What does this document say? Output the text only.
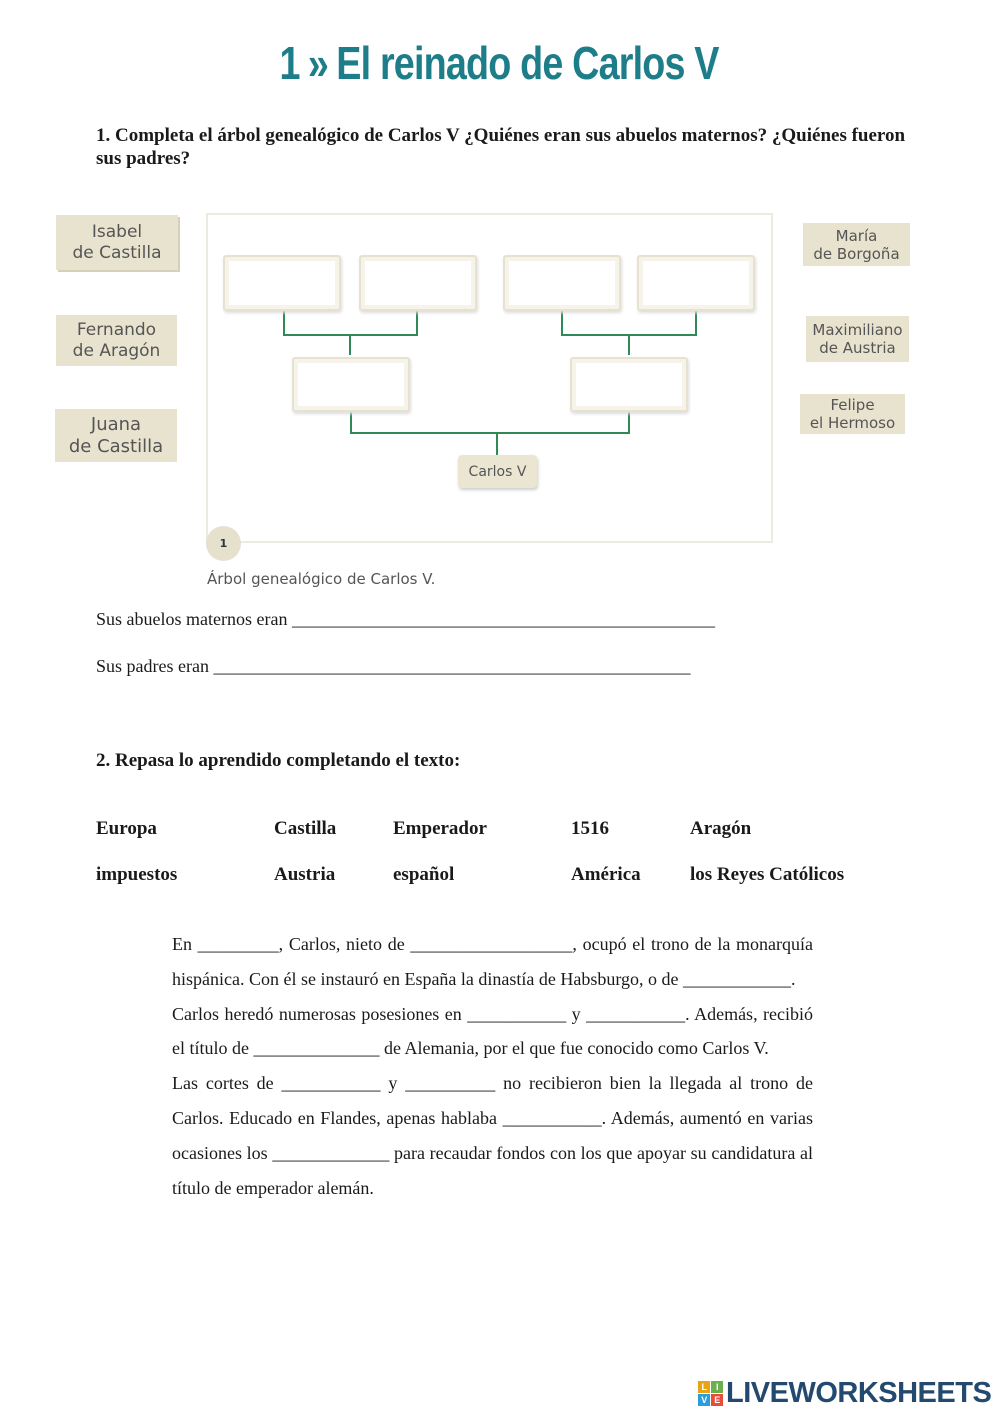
1 » El reinado de Carlos V
1. Completa el árbol genealógico de Carlos V ¿Quiénes eran sus abuelos maternos? ¿Quiénes fueron sus padres?
Isabel
de Castilla
Fernando
de Aragón
Juana
de Castilla
María
de Borgoña
Maximiliano
de Austria
Felipe
el Hermoso
Carlos V
1
Árbol genealógico de Carlos V.
Sus abuelos maternos eran _______________________________________________
Sus padres eran _____________________________________________________
2. Repasa lo aprendido completando el texto:
Europa	Castilla	Emperador	1516	Aragón
impuestos	Austria	español	América	los Reyes Católicos

En _________, Carlos, nieto de __________________, ocupó el trono de la monarquía hispánica. Con él se instauró en España la dinastía de Habsburgo, o de ____________.

Carlos heredó numerosas posesiones en ___________ y ___________. Además, recibió el título de ______________ de Alemania, por el que fue conocido como Carlos V.

Las cortes de ___________ y __________ no recibieron bien la llegada al trono de Carlos. Educado en Flandes, apenas hablaba ___________. Además, aumentó en varias ocasiones los _____________ para recaudar fondos con los que apoyar su candidatura al título de emperador alemán.

L	I
V E LIVEWORKSHEETS
